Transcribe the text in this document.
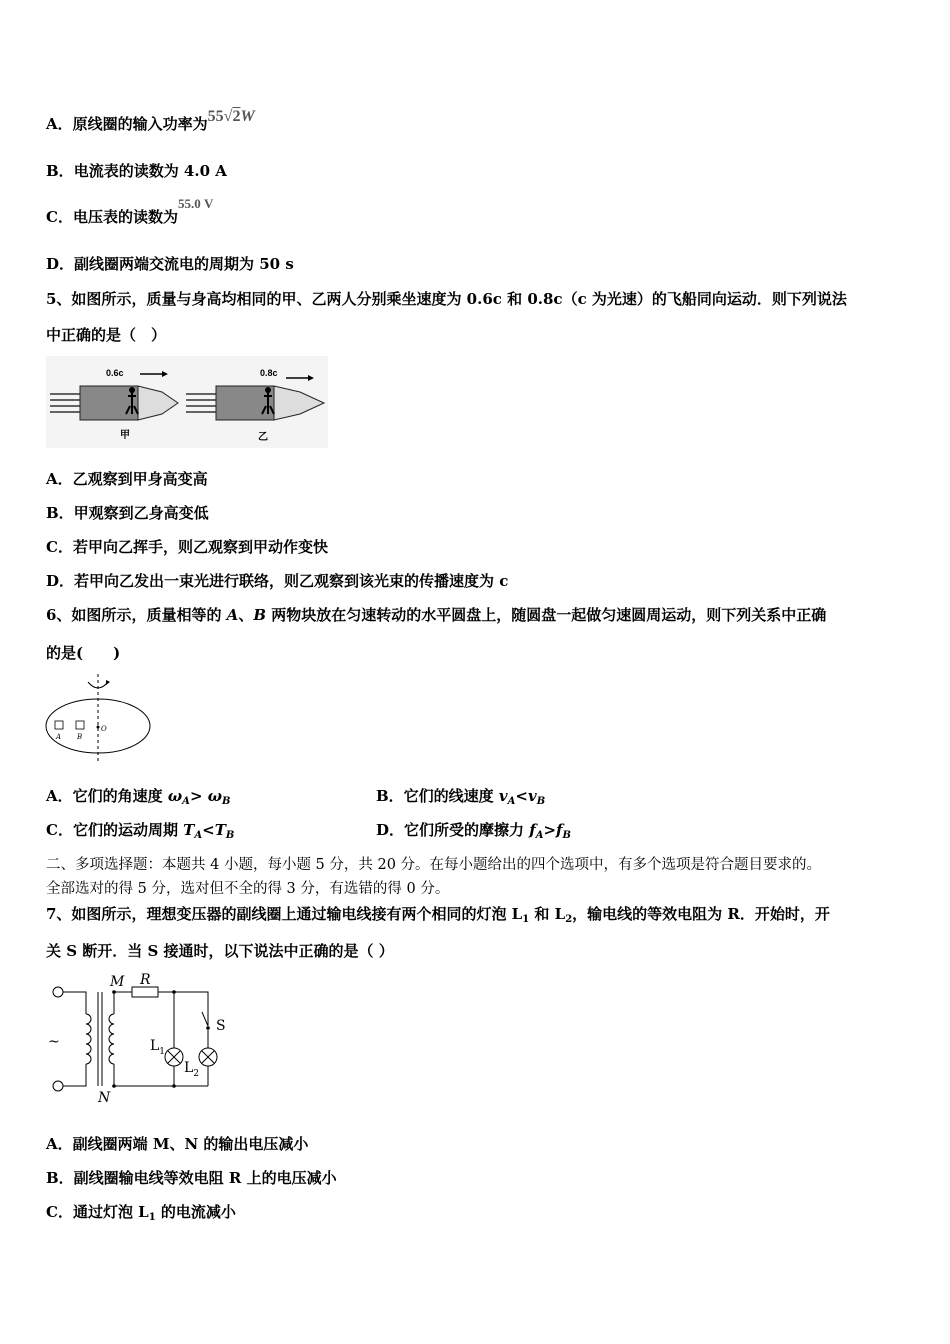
A．原线圈的输入功率为55√2W
B．电流表的读数为 4.0 A
C．电压表的读数为55.0 V
D．副线圈两端交流电的周期为 50 s
5、如图所示，质量与身高均相同的甲、乙两人分别乘坐速度为 0.6c 和 0.8c（c 为光速）的飞船同向运动．则下列说法
中正确的是（　）
0.6c
甲
0.8c
乙
A．乙观察到甲身高变高
B．甲观察到乙身高变低
C．若甲向乙挥手，则乙观察到甲动作变快
D．若甲向乙发出一束光进行联络，则乙观察到该光束的传播速度为 c
6、如图所示，质量相等的 A、B 两物块放在匀速转动的水平圆盘上，随圆盘一起做匀速圆周运动，则下列关系中正确
的是(　　)
A B
O
A．它们的角速度 $\omega_A> \omega_B$	B．它们的线速度 $v_A<v_B$
C．它们的运动周期 $T_A<T_B$	D．它们所受的摩擦力 $f_A>f_B$
二、多项选择题：本题共 4 小题，每小题 5 分，共 20 分。在每小题给出的四个选项中，有多个选项是符合题目要求的。
全部选对的得 5 分，选对但不全的得 3 分，有选错的得 0 分。
7、如图所示，理想变压器的副线圈上通过输电线接有两个相同的灯泡 $L_1$ 和 $L_2$，输电线的等效电阻为 R．开始时，开
关 S 断开．当 S 接通时，以下说法中正确的是（ ）
~
M
N
R
S
$L_1$
$L_2$
A．副线圈两端 M、N 的输出电压减小
B．副线圈输电线等效电阻 R 上的电压减小
C．通过灯泡 $L_1$ 的电流减小
